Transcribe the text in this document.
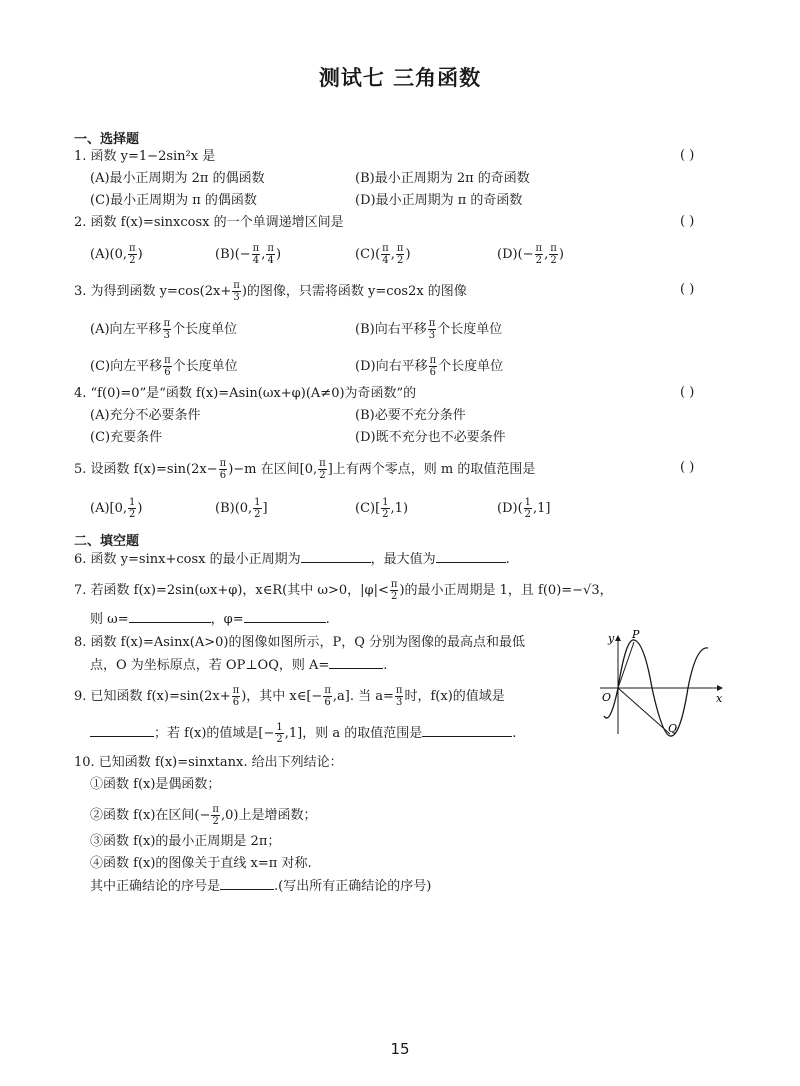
测试七 三角函数
一、选择题
1. 函数 y=1−2sin²x 是	( )
(A)最小正周期为 2π 的偶函数	(B)最小正周期为 2π 的奇函数
(C)最小正周期为 π 的偶函数	(D)最小正周期为 π 的奇函数
2. 函数 f(x)=sinxcosx 的一个单调递增区间是	( )
(A)(0, $\frac{\pi}{2}$ )	$(B)(- \frac{\pi}{4}$ , $\frac{\pi}{4}$ )	$(C)( \frac{\pi}{4}$ , $\frac{\pi}{2}$ )	$(D)(- \frac{\pi}{2}$ , $\frac{\pi}{2}$ )
3. 为得到函数 $y=\cos(2x+ \frac{\pi}{3}$ )的图像，只需将函数 y=cos2x 的图像	( )
(A)向左平移 $\frac{\pi}{3}$ 个长度单位	(B)向右平移 $\frac{\pi}{3}$ 个长度单位
(C)向左平移 $\frac{\pi}{6}$ 个长度单位	(D)向右平移 $\frac{\pi}{6}$ 个长度单位
4. “f(0)=0”是“函数 f(x)=Asin(ωx+φ)(A≠0)为奇函数”的	( )
(A)充分不必要条件	(B)必要不充分条件
(C)充要条件	(D)既不充分也不必要条件
5. 设函数 $f(x)=\sin(2x- \frac{\pi}{6} )-m$ 在区间[0, $\frac{\pi}{2}$ ]上有两个零点，则 m 的取值范围是	( )
(A)[0, $\frac{1}{2}$ )	(B)(0, $\frac{1}{2}$ ]	$(C)[ \frac{1}{2} ,1)$	$(D)( \frac{1}{2} ,1]$
二、填空题
6. 函数 y=sinx+cosx 的最小正周期为	，最大值为	.
7. 若函数 f(x)=2sin(ωx+φ)，x∈R(其中 ω>0，$|\varphi|< \frac{\pi}{2}$ )的最小正周期是 1，且 f(0)=−√3，
则 ω=	，φ=	.
8. 函数 f(x)=Asinx(A>0)的图像如图所示，P，Q 分别为图像的最高点和最低
点，O 为坐标原点，若 OP⊥OQ，则 A=	.
y
x
O
P
Q
9. 已知函数 $f(x)=\sin(2x+ \frac{\pi}{6}$ )，其中 x∈[− $\frac{\pi}{6} ,a$]. 当 $a= \frac{\pi}{3}$ 时，f(x)的值域是
；若 f(x)的值域是[− $\frac{1}{2} ,1$]，则 a 的取值范围是	.
10. 已知函数 f(x)=sinxtanx. 给出下列结论：
①函数 f(x)是偶函数；
②函数 f(x)在区间(− $\frac{\pi}{2} ,0$)上是增函数；
③函数 f(x)的最小正周期是 2π；
④函数 f(x)的图像关于直线 x=π 对称.
其中正确结论的序号是	.(写出所有正确结论的序号)
15
